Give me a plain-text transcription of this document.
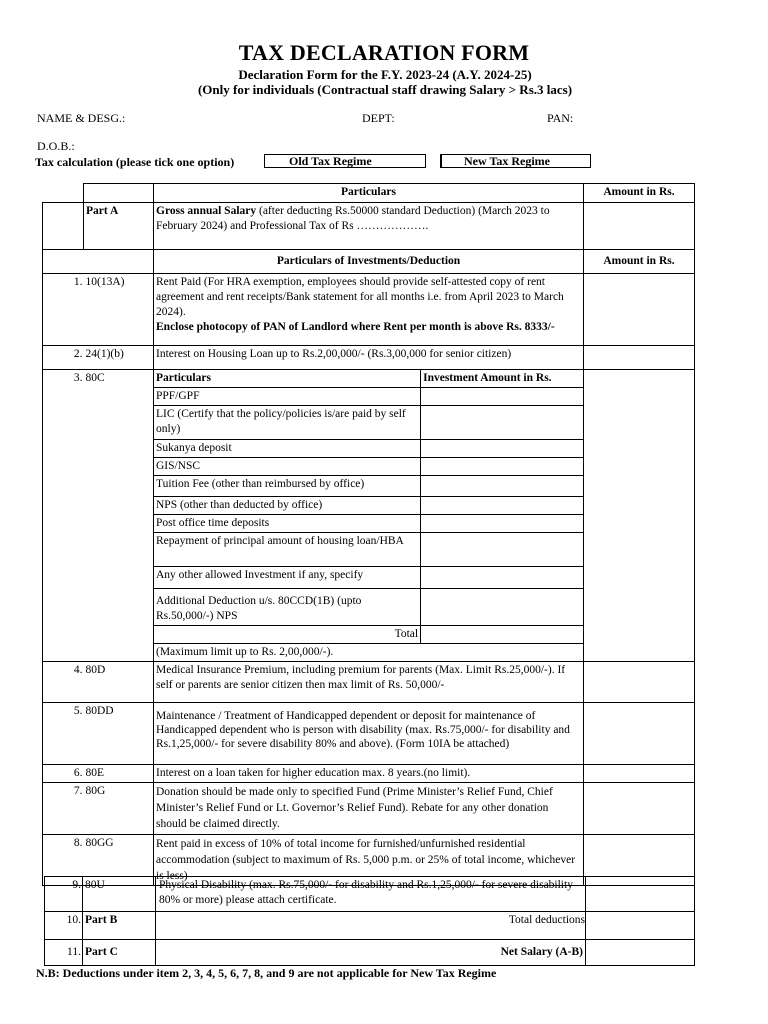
TAX DECLARATION FORM
Declaration Form for the F.Y. 2023-24 (A.Y. 2024-25)
(Only for individuals (Contractual staff drawing Salary > Rs.3 lacs)
NAME & DESG.:	DEPT:	PAN:
D.O.B.:
Tax calculation (please tick one option)	Old Tax Regime	New Tax Regime
		Particulars	Amount in Rs.
	Part A	Gross annual Salary (after deducting Rs.50000 standard Deduction) (March 2023 to February 2024) and Professional Tax of Rs ……………….	
		Particulars of Investments/Deduction	Amount in Rs.
1.	10(13A)	Rent Paid (For HRA exemption, employees should provide self-attested copy of rent agreement and rent receipts/Bank statement for all months i.e. from April 2023 to March 2024).
Enclose photocopy of PAN of Landlord where Rent per month is above Rs. 8333/-

2.	24(1)(b)	Interest on Housing Loan up to Rs.2,00,000/- (Rs.3,00,000 for senior citizen)	
3.	80C		Particulars	Investment Amount in Rs.
PPF/GPF	
LIC (Certify that the policy/policies is/are paid by self only)	
Sukanya deposit	
GIS/NSC	
Tuition Fee (other than reimbursed by office)	
NPS (other than deducted by office)	
Post office time deposits	
Repayment of principal amount of housing loan/HBA	
Any other allowed Investment if any, specify	
Additional Deduction u/s. 80CCD(1B) (upto Rs.50,000/-) NPS	
Total	
(Maximum limit up to Rs. 2,00,000/-).

4.	80D	Medical Insurance Premium, including premium for parents (Max. Limit Rs.25,000/-). If self or parents are senior citizen then max limit of Rs. 50,000/-	
5.	80DD	Maintenance / Treatment of Handicapped dependent or deposit for maintenance of Handicapped dependent who is person with disability (max. Rs.75,000/- for disability and Rs.1,25,000/- for severe disability 80% and above). (Form 10IA be attached)	
6.	80E	Interest on a loan taken for higher education max. 8 years.(no limit).	
7.	80G	Donation should be made only to specified Fund (Prime Minister’s Relief Fund, Chief Minister’s Relief Fund or Lt. Governor’s Relief Fund). Rebate for any other donation should be claimed directly.	
8.	80GG	Rent paid in excess of 10% of total income for furnished/unfurnished residential accommodation (subject to maximum of Rs. 5,000 p.m. or 25% of total income, whichever is less)	
9.	80U	Physical Disability (max. Rs.75,000/- for disability and Rs.1,25,000/- for severe disability 80% or more) please attach certificate.	
10.	Part B	Total deductions	
11.	Part C	Net Salary (A-B)	
N.B: Deductions under item 2, 3, 4, 5, 6, 7, 8, and 9 are not applicable for New Tax Regime
